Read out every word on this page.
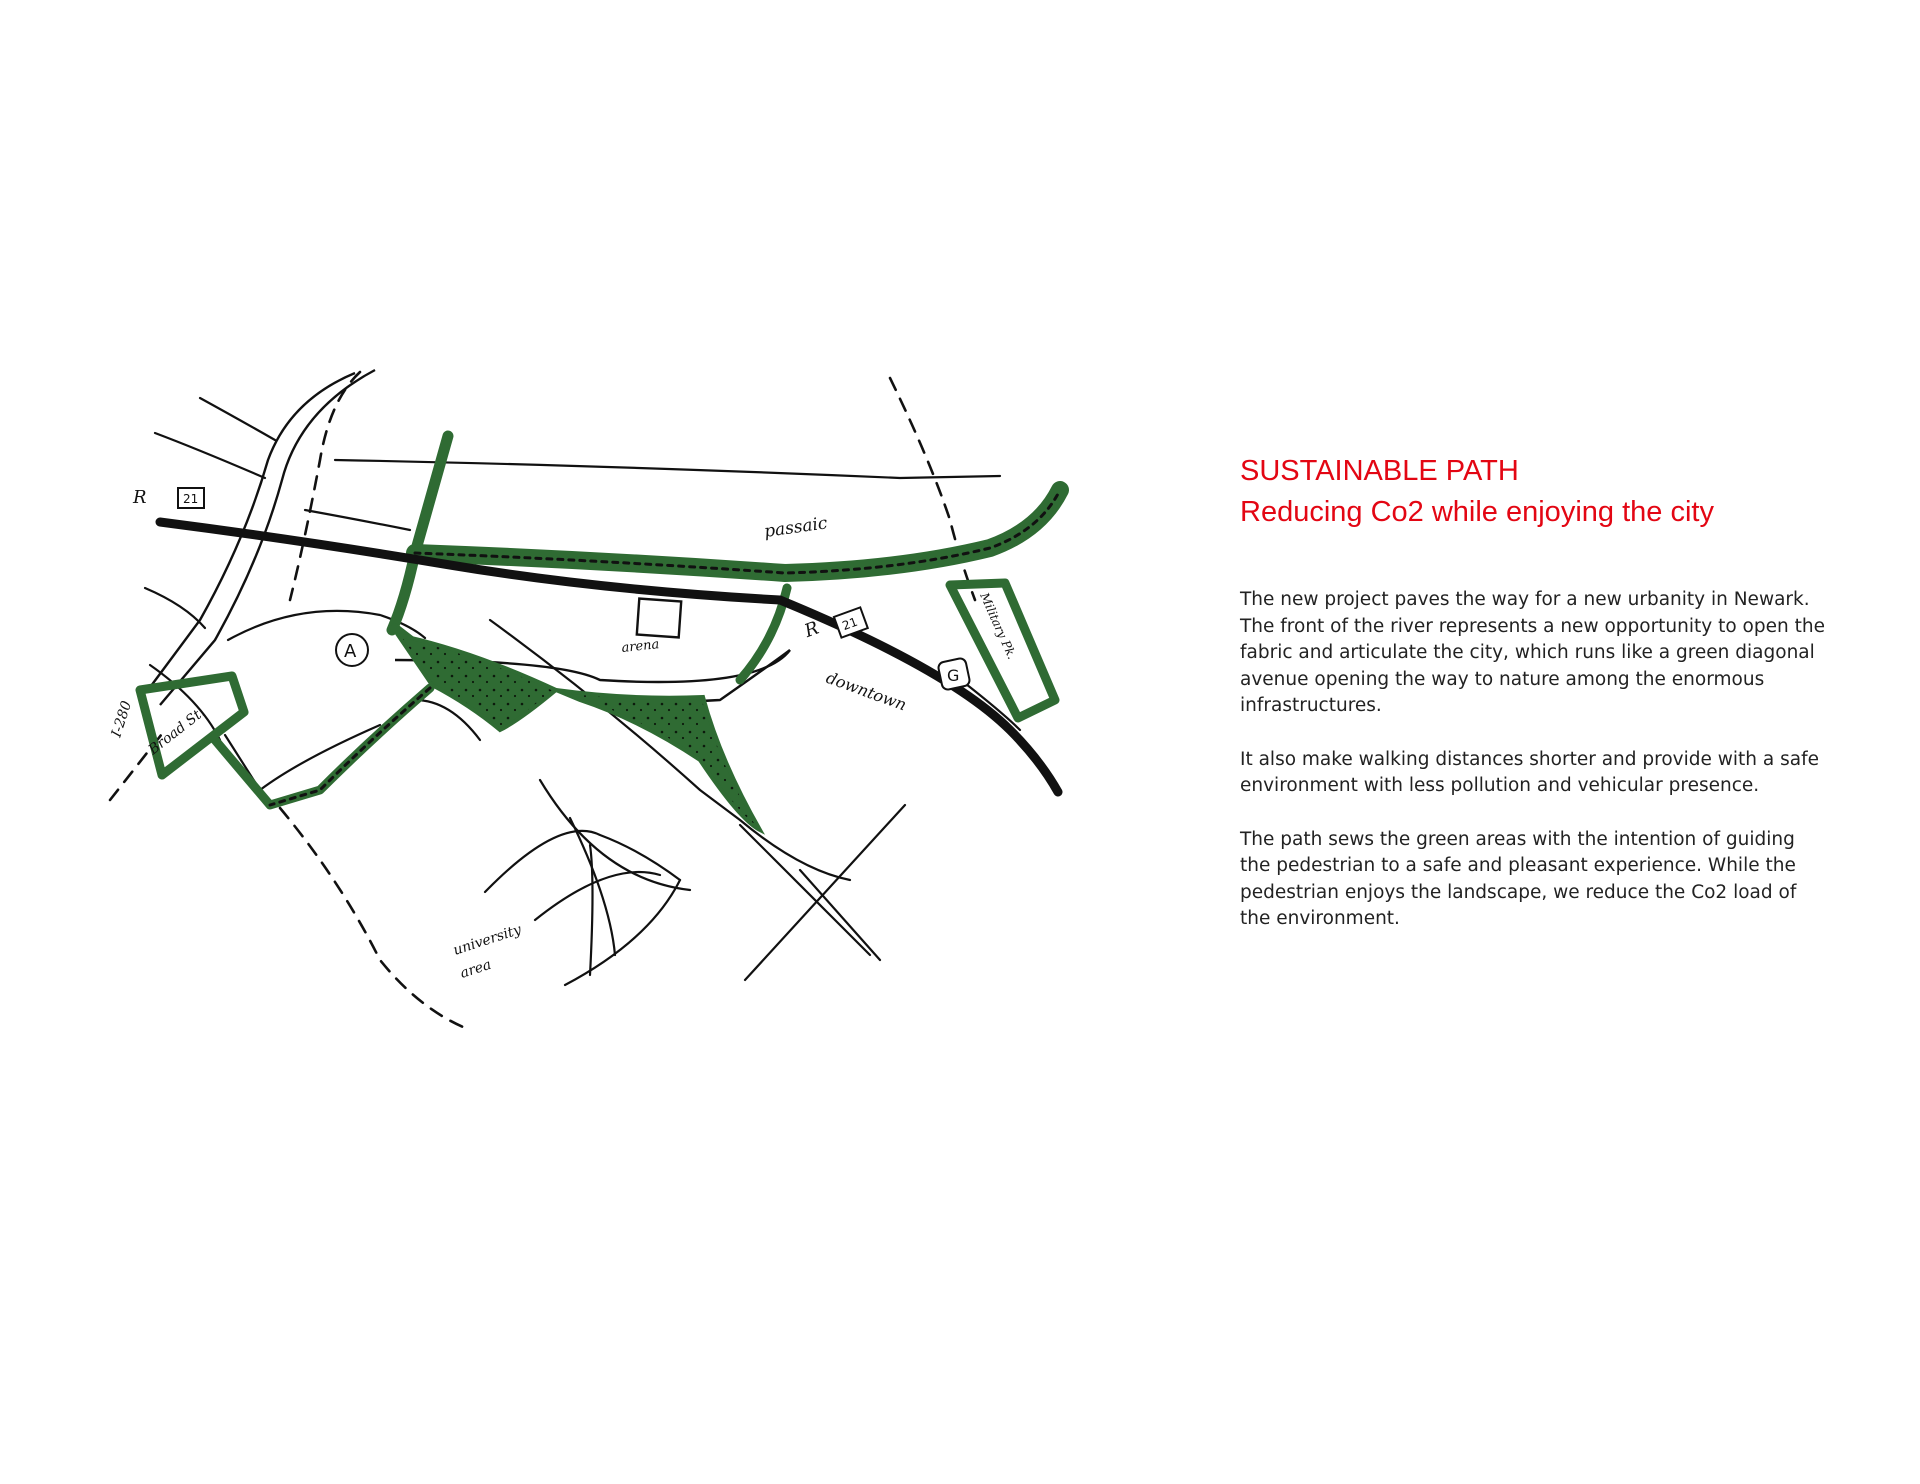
21
R
21
R
A
G
passaic
arena
downtown
university
area
Broad St.
I-280
Military Pk.
SUSTAINABLE PATH
Reducing Co2 while enjoying the city

The new project paves the way for a new urbanity in Newark. The front of the river represents a new opportunity to open the fabric and articulate the city, which runs like a green diagonal avenue opening the way to nature among the enormous infrastructures.

It also make walking distances shorter and provide with a safe environment with less pollution and vehicular presence.

The path sews the green areas with the intention of guiding the pedestrian to a safe and pleasant experience. While the pedestrian enjoys the landscape, we reduce the Co2 load of the environment.
